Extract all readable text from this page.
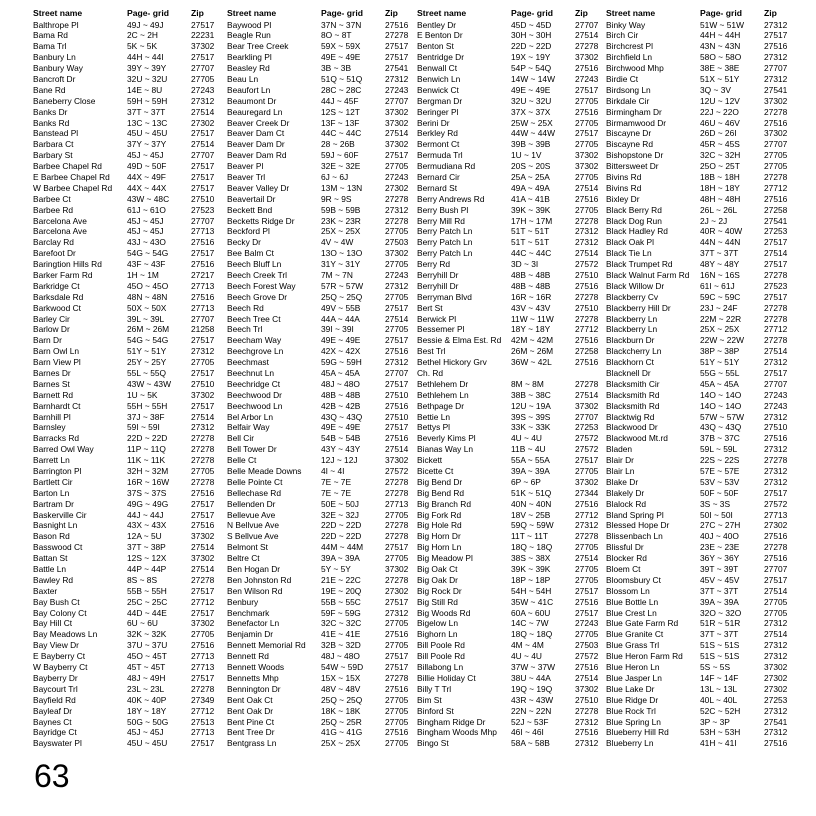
Street name	Page- grid	Zip
Balthrope Pl	49J ~ 49J	27517
Bama Rd	2C ~ 2H	22231
Bama Trl	5K ~ 5K	37302
Banbury Ln	44H ~ 44I	27517
Banbury Way	39Y ~ 39Y	27707
Bancroft Dr	32U ~ 32U	27705
Bane Rd	14E ~ 8U	27243
Baneberry Close	59H ~ 59H	27312
Banks Dr	37T ~ 37T	27514
Banks Rd	13C ~ 13C	27302
Banstead Pl	45U ~ 45U	27517
Barbara Ct	37Y ~ 37Y	27514
Barbary St	45J ~ 45J	27707
Barbee Chapel Rd	49D ~ 50F	27517
E Barbee Chapel Rd	44X ~ 49F	27517
W Barbee Chapel Rd	44X ~ 44X	27517
Barbee Ct	43W ~ 48C	27510
Barbee Rd	61J ~ 61O	27523
Barcelona Ave	45J ~ 45J	27707
Barcelona Ave	45J ~ 45J	27713
Barclay Rd	43J ~ 43O	27516
Barefoot Dr	54G ~ 54G	27517
Baringtion Hills Rd	43F ~ 43F	27516
Barker Farm Rd	1H ~ 1M	27217
Barkridge Ct	45O ~ 45O	27713
Barksdale Rd	48N ~ 48N	27516
Barkwood Ct	50X ~ 50X	27713
Barley Cir	39L ~ 39L	27707
Barlow Dr	26M ~ 26M	21258
Barn Dr	54G ~ 54G	27517
Barn Owl Ln	51Y ~ 51Y	27312
Barn View Pl	25Y ~ 25Y	27705
Barnes Dr	55L ~ 55Q	27517
Barnes St	43W ~ 43W	27510
Barnett Rd	1U ~ 5K	37302
Barnhardt Ct	55H ~ 55H	27517
Barnhill Pl	37J ~ 38F	27514
Barnsley	59I ~ 59I	27312
Barracks Rd	22D ~ 22D	27278
Barred Owl Way	11P ~ 11Q	27278
Barrett Ln	11K ~ 11K	27278
Barrington Pl	32H ~ 32M	27705
Bartlett Cir	16R ~ 16W	27278
Barton Ln	37S ~ 37S	27516
Bartram Dr	49G ~ 49G	27517
Baskerville Cir	44J ~ 44J	27517
Basnight Ln	43X ~ 43X	27516
Bason Rd	12A ~ 5U	37302
Basswood Ct	37T ~ 38P	27514
Battan St	12S ~ 12X	37302
Battle Ln	44P ~ 44P	27514
Bawley Rd	8S ~ 8S	27278
Baxter	55B ~ 55H	27517
Bay Bush Ct	25C ~ 25C	27712
Bay Colony Ct	44D ~ 44E	27517
Bay Hill Ct	6U ~ 6U	37302
Bay Meadows Ln	32K ~ 32K	27705
Bay View Dr	37U ~ 37U	27516
E Bayberry Ct	45O ~ 45T	27713
W Bayberry Ct	45T ~ 45T	27713
Bayberry Dr	48J ~ 49H	27517
Baycourt Trl	23L ~ 23L	27278
Bayfield Rd	40K ~ 40P	27349
Bayleaf Dr	18Y ~ 18Y	27712
Baynes Ct	50G ~ 50G	27513
Bayridge Ct	45J ~ 45J	27713
Bayswater Pl	45U ~ 45U	27517
Street name	Page- grid	Zip
Baywood Pl	37N ~ 37N	27516
Beagle Run	8O ~ 8T	27278
Bear Tree Creek	59X ~ 59X	27517
Bearkling Pl	49E ~ 49E	27517
Beasley Rd	3B ~ 3B	27541
Beau Ln	51Q ~ 51Q	27312
Beaufort Ln	28C ~ 28C	27243
Beaumont Dr	44J ~ 45F	27707
Beauregard Ln	12S ~ 12T	37302
Beaver Creek Dr	13F ~ 13F	37302
Beaver Dam Ct	44C ~ 44C	27514
Beaver Dam Dr	28 ~ 26B	37302
Beaver Dam Rd	59J ~ 60F	27517
Beaver Pl	32E ~ 32E	27705
Beaver Trl	6J ~ 6J	27243
Beaver Valley Dr	13M ~ 13N	27302
Beavertail Dr	9R ~ 9S	27278
Beckett Bnd	59B ~ 59B	27312
Becketts Ridge Dr	23K ~ 23R	27278
Beckford Pl	25X ~ 25X	27705
Becky Dr	4V ~ 4W	27503
Bee Balm Ct	13O ~ 13O	37302
Beech Bluff Ln	31Y ~ 31Y	27705
Beech Creek Trl	7M ~ 7N	27243
Beech Forest Way	57R ~ 57W	27312
Beech Grove Dr	25Q ~ 25Q	27705
Beech Rd	49V ~ 55B	27517
Beech Tree Ct	44A ~ 44A	27514
Beech Trl	39I ~ 39I	27705
Beecham Way	49E ~ 49E	27517
Beechgrove Ln	42X ~ 42X	27516
Beechmast	59G ~ 59H	27312
Beechnut Ln	45A ~ 45A	27707
Beechridge Ct	48J ~ 48O	27517
Beechwood Dr	48B ~ 48B	27510
Beechwood Ln	42B ~ 42B	27516
Bel Arbor Ln	43Q ~ 43Q	27510
Belfair Way	49E ~ 49E	27517
Bell Cir	54B ~ 54B	27516
Bell Tower Dr	43Y ~ 43Y	27514
Belle Ct	12J ~ 12J	37302
Belle Meade Downs	4I ~ 4I	27572
Belle Pointe Ct	7E ~ 7E	27278
Bellechase Rd	7E ~ 7E	27278
Bellenden Dr	50E ~ 50J	27713
Bellevue Ave	32E ~ 32J	27705
N Bellvue Ave	22D ~ 22D	27278
S Bellvue Ave	22D ~ 22D	27278
Belmont St	44M ~ 44M	27517
Beltre Ct	39A ~ 39A	27705
Ben Hogan Dr	5Y ~ 5Y	37302
Ben Johnston Rd	21E ~ 22C	27278
Ben Wilson Rd	19E ~ 20Q	27302
Benbury	55B ~ 55C	27517
Benchmark	59F ~ 59G	27312
Benefactor Ln	32C ~ 32C	27705
Benjamin Dr	41E ~ 41E	27516
Bennett Memorial Rd	32B ~ 32D	27705
Bennett Rd	48J ~ 48O	27517
Bennett Woods	54W ~ 59D	27517
Bennetts Mhp	15X ~ 15X	27278
Bennington Dr	48V ~ 48V	27516
Bent Oak Ct	25Q ~ 25Q	27705
Bent Oak Dr	18K ~ 18K	27705
Bent Pine Ct	25Q ~ 25R	27705
Bent Tree Dr	41G ~ 41G	27516
Bentgrass Ln	25X ~ 25X	27705
Street name	Page- grid	Zip
Bentley Dr	45D ~ 45D	27707
E Benton Dr	30H ~ 30H	27514
Benton St	22D ~ 22D	27278
Bentridge Dr	19X ~ 19Y	37302
Benwall Ct	54P ~ 54Q	27516
Benwich Ln	14W ~ 14W	27243
Benwick Ct	49E ~ 49E	27517
Bergman Dr	32U ~ 32U	27705
Beringer Pl	37X ~ 37X	27516
Berini Dr	25W ~ 25X	27705
Berkley Rd	44W ~ 44W	27517
Bermont Ct	39B ~ 39B	27705
Bermuda Trl	1U ~ 1V	37302
Bermudiana Rd	20S ~ 20S	37302
Bernard Cir	25A ~ 25A	27705
Bernard St	49A ~ 49A	27514
Berry Andrews Rd	41A ~ 41B	27516
Berry Bush Pl	39K ~ 39K	27705
Berry Mill Rd	17H ~ 17M	27278
Berry Patch Ln	51T ~ 51T	27312
Berry Patch Ln	51T ~ 51T	27312
Berry Patch Ln	44C ~ 44C	27514
Berry Rd	3D ~ 3I	27572
Berryhill Dr	48B ~ 48B	27510
Berryhill Dr	48B ~ 48B	27516
Berryman Blvd	16R ~ 16R	27278
Bert St	43V ~ 43V	27510
Berwick Pl	11W ~ 11W	27278
Bessemer Pl	18Y ~ 18Y	27712
Bessie & Elma Est. Rd	42M ~ 42M	27516
Best Trl	26M ~ 26M	27258
Bethel Hickory Grv	36W ~ 42L	27516
Ch. Rd
Bethlehem Dr	8M ~ 8M	27278
Bethlehem Ln	38B ~ 38C	27514
Bethpage Dr	12U ~ 19A	37302
Bettie Ln	39S ~ 39S	27707
Bettys Pl	33K ~ 33K	27253
Beverly Kims Pl	4U ~ 4U	27572
Bianas Way Ln	11B ~ 4U	27572
Bickett	55A ~ 55A	27517
Bicette Ct	39A ~ 39A	27705
Big Bend Dr	6P ~ 6P	37302
Big Bend Rd	51K ~ 51Q	27344
Big Branch Rd	40N ~ 40N	27516
Big Fork Rd	18V ~ 25B	27712
Big Hole Rd	59Q ~ 59W	27312
Big Horn Dr	11T ~ 11T	27278
Big Horn Ln	18Q ~ 18Q	27705
Big Meadow Pl	38S ~ 38X	27514
Big Oak Ct	39K ~ 39K	27705
Big Oak Dr	18P ~ 18P	27705
Big Rock Dr	54H ~ 54H	27517
Big Still Rd	35W ~ 41C	27516
Big Woods Rd	60A ~ 60U	27517
Bigelow Ln	14C ~ 7W	27243
Bighorn Ln	18Q ~ 18Q	27705
Bill Poole Rd	4M ~ 4M	27503
Bill Poole Rd	4U ~ 4U	27572
Billabong Ln	37W ~ 37W	27516
Billie Holiday Ct	38U ~ 44A	27514
Billy T Trl	19Q ~ 19Q	37302
Bim St	43R ~ 43W	27510
Binford St	22N ~ 22N	27278
Bingham Ridge Dr	52J ~ 53F	27312
Bingham Woods Mhp	46I ~ 46I	27516
Bingo St	58A ~ 58B	27312
Street name	Page- grid	Zip
Binky Way	51W ~ 51W	27312
Birch Cir	44H ~ 44H	27517
Birchcrest Pl	43N ~ 43N	27516
Birchfield Ln	58O ~ 58O	27312
Birchwood Mhp	38E ~ 38E	27707
Birdie Ct	51X ~ 51Y	27312
Birdsong Ln	3Q ~ 3V	27541
Birkdale Cir	12U ~ 12V	37302
Birmingham Dr	22J ~ 22O	27278
Birmamwood Dr	46U ~ 46V	27516
Biscayne Dr	26D ~ 26I	37302
Biscayne Rd	45R ~ 45S	27707
Bishopstone Dr	32C ~ 32H	27705
Bittersweet Dr	25O ~ 25T	27705
Bivins Rd	18B ~ 18H	27278
Bivins Rd	18H ~ 18Y	27712
Bixley Dr	48H ~ 48H	27516
Black Berry Rd	26L ~ 26L	27258
Black Dog Run	2J ~ 2J	27541
Black Hadley Rd	40R ~ 40W	27253
Black Oak Pl	44N ~ 44N	27517
Black Tie Ln	37T ~ 37T	27514
Black Trumpet Rd	48Y ~ 48Y	27517
Black Walnut Farm Rd	16N ~ 16S	27278
Black Willow Dr	61I ~ 61J	27523
Blackberry Cv	59C ~ 59C	27517
Blackberry Hill Dr	23J ~ 24F	27278
Blackberry Ln	22M ~ 22R	27278
Blackberry Ln	25X ~ 25X	27712
Blackburn Dr	22W ~ 22W	27278
Blackcherry Ln	38P ~ 38P	27514
Blackhorn Ct	51Y ~ 51Y	27312
Blacknell Dr	55G ~ 55L	27517
Blacksmith Cir	45A ~ 45A	27707
Blacksmith Rd	14O ~ 14O	27243
Blacksmith Rd	14O ~ 14O	27243
Blacktwig Rd	57W ~ 57W	27312
Blackwood Dr	43Q ~ 43Q	27510
Blackwood Mt.rd	37B ~ 37C	27516
Bladen	59L ~ 59L	27312
Blair Dr	22S ~ 22S	27278
Blair Ln	57E ~ 57E	27312
Blake Dr	53V ~ 53V	27312
Blakely Dr	50F ~ 50F	27517
Blalock Rd	3S ~ 3S	27572
Bland Spring Pl	50I ~ 50I	27713
Blessed Hope Dr	27C ~ 27H	27302
Blissenbach Ln	40J ~ 40O	27516
Blissful Dr	23E ~ 23E	27278
Blocker Rd	36Y ~ 36Y	27516
Bloem Ct	39T ~ 39T	27707
Bloomsbury Ct	45V ~ 45V	27517
Blossom Ln	37T ~ 37T	27514
Blue Bottle Ln	39A ~ 39A	27705
Blue Crest Ln	32O ~ 32O	27705
Blue Gate Farm Rd	51R ~ 51R	27312
Blue Granite Ct	37T ~ 37T	27514
Blue Grass Trl	51S ~ 51S	27312
Blue Heron Farm Rd	51S ~ 51S	27312
Blue Heron Ln	5S ~ 5S	37302
Blue Jasper Ln	14F ~ 14F	27302
Blue Lake Dr	13L ~ 13L	27302
Blue Ridge Dr	40L ~ 40L	27253
Blue Rock Trl	52C ~ 52H	27312
Blue Spring Ln	3P ~ 3P	27541
Blueberry Hill Rd	53H ~ 53H	27312
Blueberry Ln	41H ~ 41I	27516
63
